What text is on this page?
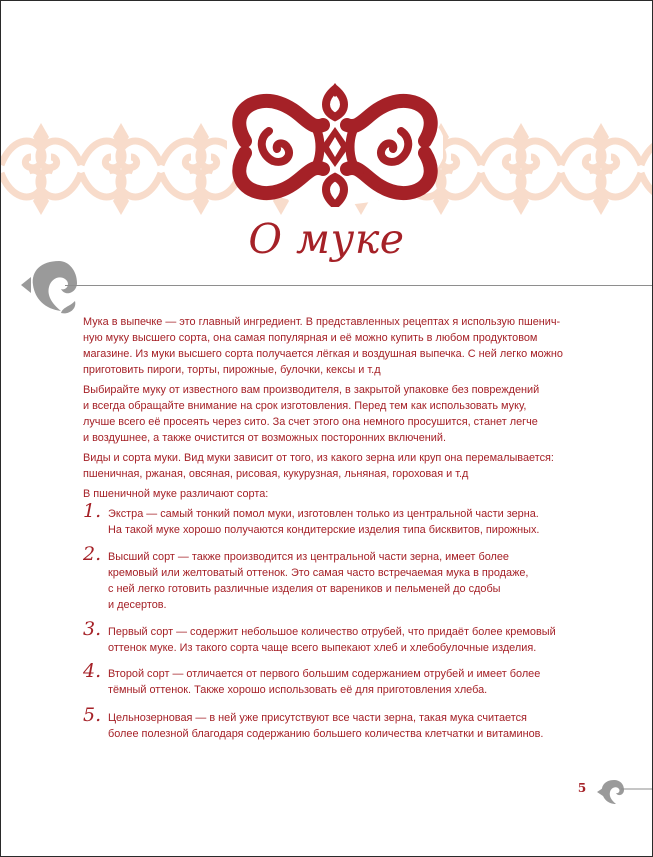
О муке

Мука в выпечке — это главный ингредиент. В представленных рецептах я использую пшенич-
ную муку высшего сорта, она самая популярная и её можно купить в любом продуктовом
магазине. Из муки высшего сорта получается лёгкая и воздушная выпечка. С ней легко можно
приготовить пироги, торты, пирожные, булочки, кексы и т.д

Выбирайте муку от известного вам производителя, в закрытой упаковке без повреждений
и всегда обращайте внимание на срок изготовления. Перед тем как использовать муку,
лучше всего её просеять через сито. За счет этого она немного просушится, станет легче
и воздушнее, а также очистится от возможных посторонних включений.

Виды и сорта муки. Вид муки зависит от того, из какого зерна или круп она перемалывается:
пшеничная, ржаная, овсяная, рисовая, кукурузная, льняная, гороховая и т.д

В пшеничной муке различают сорта:

1. Экстра — самый тонкий помол муки, изготовлен только из центральной части зерна.
На такой муке хорошо получаются кондитерские изделия типа бисквитов, пирожных.
2. Высший сорт — также производится из центральной части зерна, имеет более
кремовый или желтоватый оттенок. Это самая часто встречаемая мука в продаже,
с ней легко готовить различные изделия от вареников и пельменей до сдобы
и десертов.
3. Первый сорт — содержит небольшое количество отрубей, что придаёт более кремовый
оттенок муке. Из такого сорта чаще всего выпекают хлеб и хлебобулочные изделия.
4. Второй сорт — отличается от первого большим содержанием отрубей и имеет более
тёмный оттенок. Также хорошо использовать её для приготовления хлеба.
5. Цельнозерновая — в ней уже присутствуют все части зерна, такая мука считается
более полезной благодаря содержанию большего количества клетчатки и витаминов.
5
